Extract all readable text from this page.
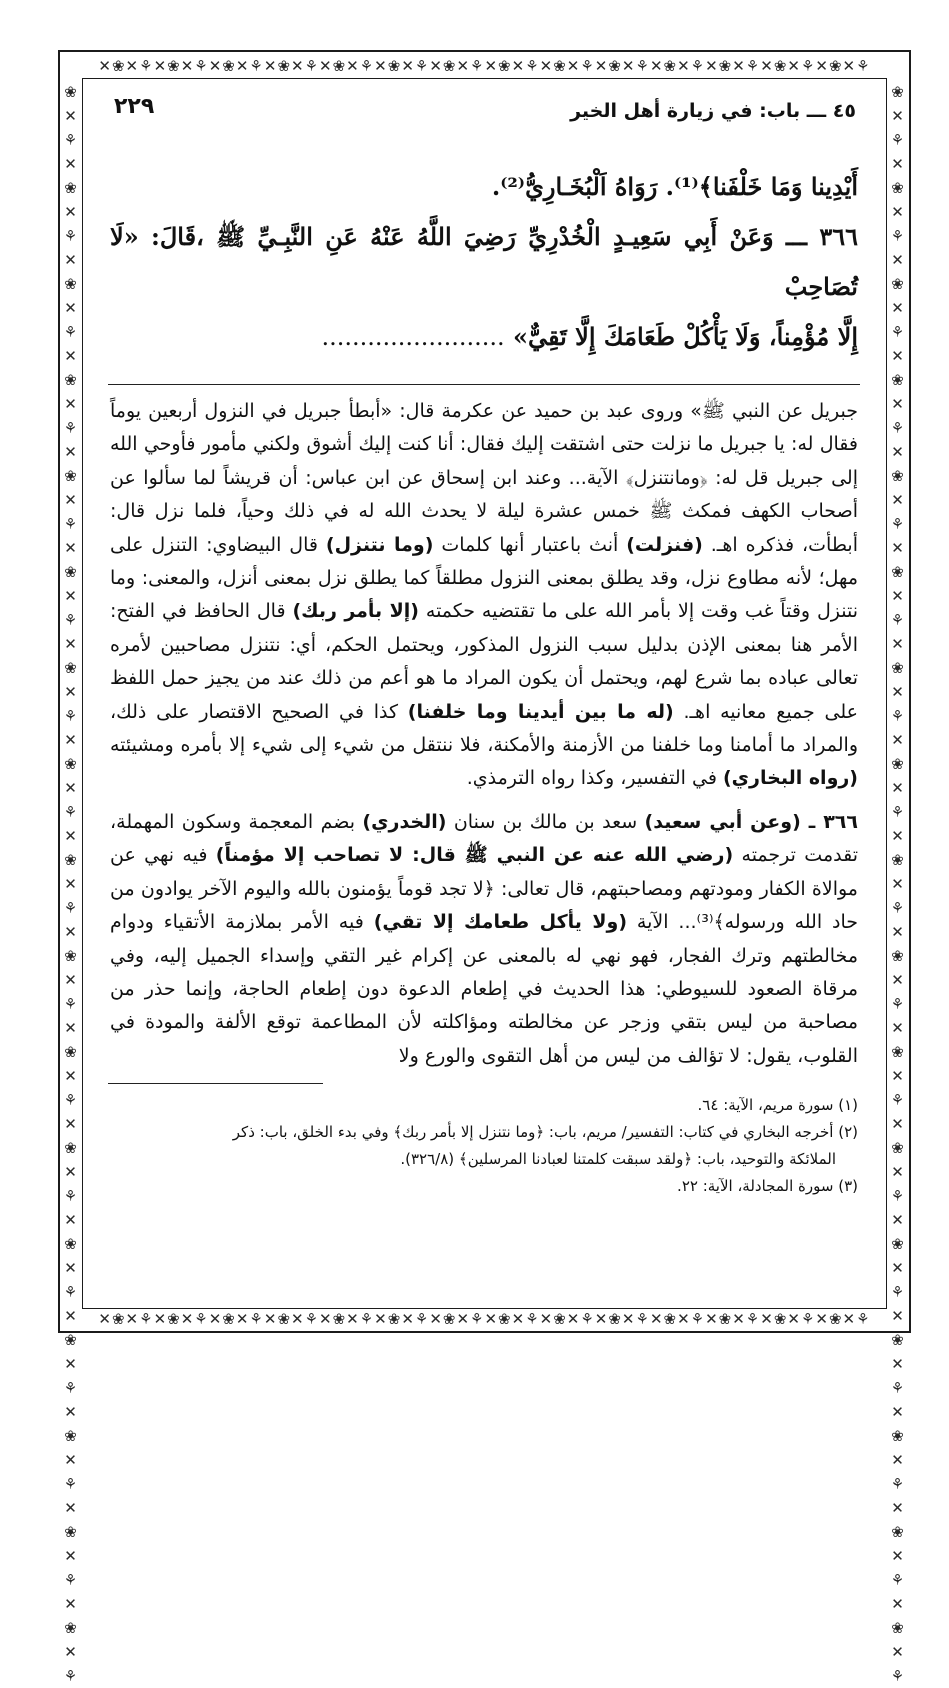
⚘✕❀✕⚘✕❀✕⚘✕❀✕⚘✕❀✕⚘✕❀✕⚘✕❀✕⚘✕❀✕⚘✕❀✕⚘✕❀✕⚘✕❀✕⚘✕❀✕⚘✕❀✕⚘✕❀✕⚘✕❀✕
⚘✕❀✕⚘✕❀✕⚘✕❀✕⚘✕❀✕⚘✕❀✕⚘✕❀✕⚘✕❀✕⚘✕❀✕⚘✕❀✕⚘✕❀✕⚘✕❀✕⚘✕❀✕⚘✕❀✕⚘✕❀✕
❀✕⚘✕❀✕⚘✕❀✕⚘✕❀✕⚘✕❀✕⚘✕❀✕⚘✕❀✕⚘✕❀✕⚘✕❀✕⚘✕❀✕⚘✕❀✕⚘✕❀✕⚘✕❀✕⚘✕❀✕⚘✕❀✕⚘✕❀✕⚘✕❀✕⚘
❀✕⚘✕❀✕⚘✕❀✕⚘✕❀✕⚘✕❀✕⚘✕❀✕⚘✕❀✕⚘✕❀✕⚘✕❀✕⚘✕❀✕⚘✕❀✕⚘✕❀✕⚘✕❀✕⚘✕❀✕⚘✕❀✕⚘✕❀✕⚘✕❀✕⚘
٤٥ ـــ باب: في زيارة أهل الخير
٢٢٩

أَيْدِينا وَمَا خَلْفَنا﴾⁽¹⁾. رَوَاهُ اَلْبُخَـارِيُّ⁽²⁾.

٣٦٦ ـــ وَعَنْ أَبِي سَعِيـدٍ الْخُدْرِيِّ رَضِيَ اللَّهُ عَنْهُ عَنِ النَّبِـيِّ ﷺ ،قَالَ: «لَا تُصَاحِبْ

إِلَّا مُؤْمِناً، وَلَا يَأْكُلْ طَعَامَكَ إِلَّا تَقِيٌّ» ........................

جبريل عن النبي ﷺ» وروى عبد بن حميد عن عكرمة قال: «أبطأ جبريل في النزول أربعين يوماً فقال له: يا جبريل ما نزلت حتى اشتقت إليك فقال: أنا كنت إليك أشوق ولكني مأمور فأوحي الله إلى جبريل قل له: ﴿ومانتنزل﴾ الآية... وعند ابن إسحاق عن ابن عباس: أن قريشاً لما سألوا عن أصحاب الكهف فمكث ﷺ خمس عشرة ليلة لا يحدث الله له في ذلك وحياً، فلما نزل قال: أبطأت، فذكره اهـ. (فنزلت) أنث باعتبار أنها كلمات (وما نتنزل) قال البيضاوي: التنزل على مهل؛ لأنه مطاوع نزل، وقد يطلق بمعنى النزول مطلقاً كما يطلق نزل بمعنى أنزل، والمعنى: وما نتنزل وقتاً غب وقت إلا بأمر الله على ما تقتضيه حكمته (إلا بأمر ربك) قال الحافظ في الفتح: الأمر هنا بمعنى الإذن بدليل سبب النزول المذكور، ويحتمل الحكم، أي: نتنزل مصاحبين لأمره تعالى عباده بما شرع لهم، ويحتمل أن يكون المراد ما هو أعم من ذلك عند من يجيز حمل اللفظ على جميع معانيه اهـ. (له ما بين أيدينا وما خلفنا) كذا في الصحيح الاقتصار على ذلك، والمراد ما أمامنا وما خلفنا من الأزمنة والأمكنة، فلا ننتقل من شيء إلى شيء إلا بأمره ومشيئته (رواه البخاري) في التفسير، وكذا رواه الترمذي.

٣٦٦ ـ (وعن أبي سعيد) سعد بن مالك بن سنان (الخدري) بضم المعجمة وسكون المهملة، تقدمت ترجمته (رضي الله عنه عن النبي ﷺ قال: لا تصاحب إلا مؤمناً) فيه نهي عن موالاة الكفار ومودتهم ومصاحبتهم، قال تعالى: ﴿لا تجد قوماً يؤمنون بالله واليوم الآخر يوادون من حاد الله ورسوله﴾⁽³⁾... الآية (ولا يأكل طعامك إلا تقي) فيه الأمر بملازمة الأتقياء ودوام مخالطتهم وترك الفجار، فهو نهي له بالمعنى عن إكرام غير التقي وإسداء الجميل إليه، وفي مرقاة الصعود للسيوطي: هذا الحديث في إطعام الدعوة دون إطعام الحاجة، وإنما حذر من مصاحبة من ليس بتقي وزجر عن مخالطته ومؤاكلته لأن المطاعمة توقع الألفة والمودة في القلوب، يقول: لا تؤالف من ليس من أهل التقوى والورع ولا

(١) سورة مريم، الآية: ٦٤.

(٢) أخرجه البخاري في كتاب: التفسير/ مريم، باب: ﴿وما نتنزل إلا بأمر ربك﴾ وفي بدء الخلق، باب: ذكر

الملائكة والتوحيد، باب: ﴿ولقد سبقت كلمتنا لعبادنا المرسلين﴾ (٣٢٦/٨).

(٣) سورة المجادلة، الآية: ٢٢.
